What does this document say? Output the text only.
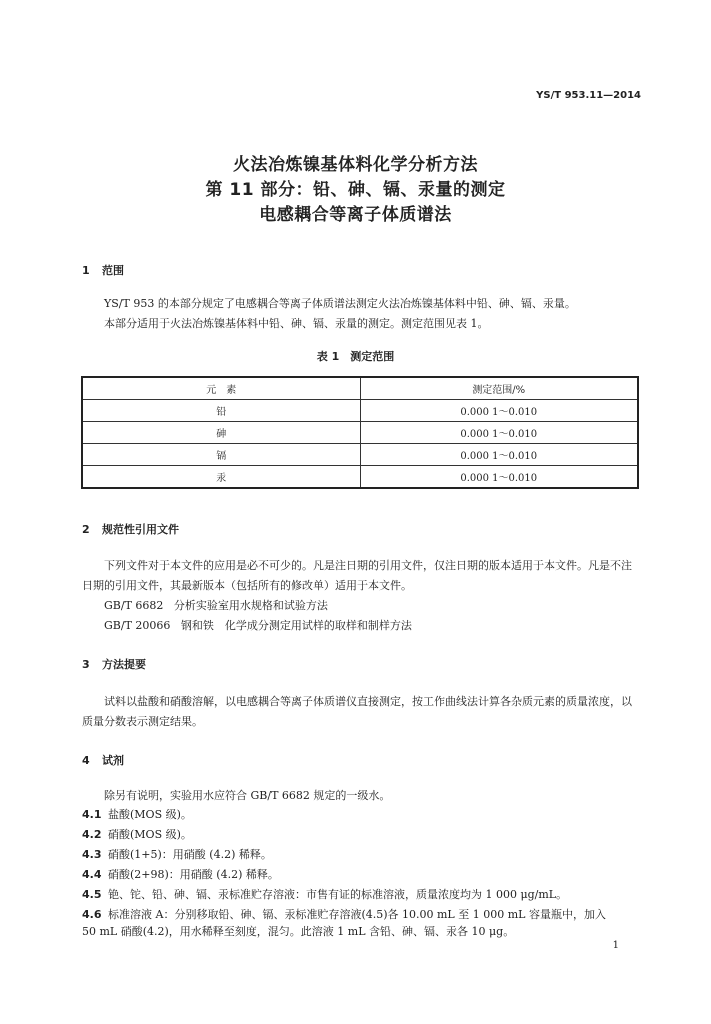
YS/T 953.11—2014
火法冶炼镍基体料化学分析方法
第 11 部分：铅、砷、镉、汞量的测定
电感耦合等离子体质谱法
1 范围
YS/T 953 的本部分规定了电感耦合等离子体质谱法测定火法冶炼镍基体料中铅、砷、镉、汞量。
本部分适用于火法冶炼镍基体料中铅、砷、镉、汞量的测定。测定范围见表 1。
表 1　测定范围
元　素	测定范围/%
铅	0.000 1～0.010
砷	0.000 1～0.010
镉	0.000 1～0.010
汞	0.000 1～0.010
2 规范性引用文件
下列文件对于本文件的应用是必不可少的。凡是注日期的引用文件，仅注日期的版本适用于本文件。凡是不注日期的引用文件，其最新版本（包括所有的修改单）适用于本文件。
GB/T 6682 分析实验室用水规格和试验方法
GB/T 20066 钢和铁　化学成分测定用试样的取样和制样方法
3 方法提要
试料以盐酸和硝酸溶解，以电感耦合等离子体质谱仪直接测定，按工作曲线法计算各杂质元素的质量浓度，以质量分数表示测定结果。
4 试剂
除另有说明，实验用水应符合 GB/T 6682 规定的一级水。
4.1 盐酸(MOS 级)。
4.2 硝酸(MOS 级)。
4.3 硝酸(1+5)：用硝酸 (4.2) 稀释。
4.4 硝酸(2+98)：用硝酸 (4.2) 稀释。
4.5 铯、铊、铅、砷、镉、汞标准贮存溶液：市售有证的标准溶液，质量浓度均为 1 000 μg/mL。
4.6 标准溶液 A：分别移取铅、砷、镉、汞标准贮存溶液(4.5)各 10.00 mL 至 1 000 mL 容量瓶中，加入
50 mL 硝酸(4.2)，用水稀释至刻度，混匀。此溶液 1 mL 含铅、砷、镉、汞各 10 μg。
1
